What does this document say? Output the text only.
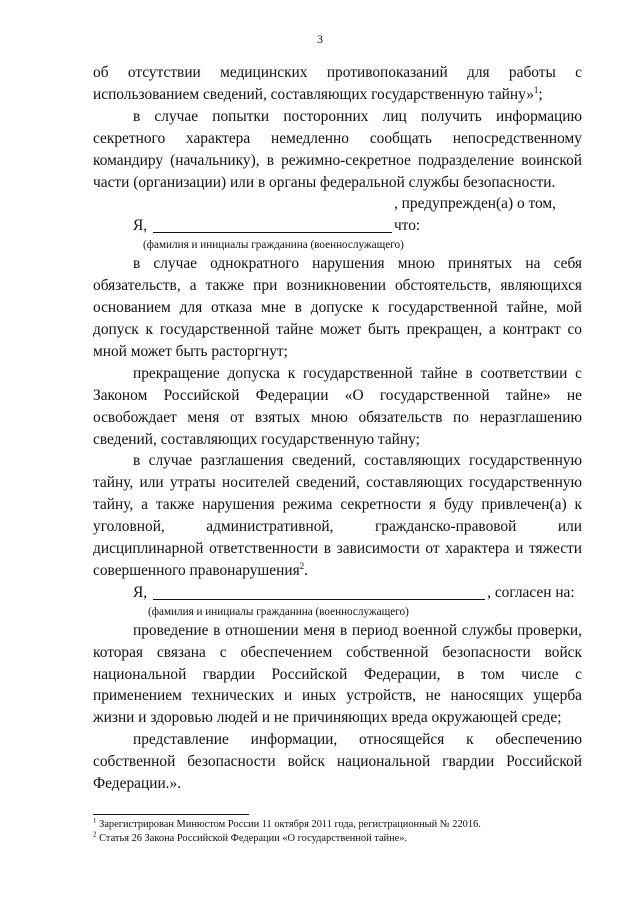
3

об отсутствии медицинских противопоказаний для работы с использованием сведений, составляющих государственную тайну»$^1$;

в случае попытки посторонних лиц получить информацию секретного характера немедленно сообщать непосредственному командиру (начальнику), в режимно-секретное подразделение воинской части (организации) или в органы федеральной службы безопасности.

Я,
, предупрежден(а) о том, что:

(фамилия и инициалы гражданина (военнослужащего)

в случае однократного нарушения мною принятых на себя обязательств, а также при возникновении обстоятельств, являющихся основанием для отказа мне в допуске к государственной тайне, мой допуск к государственной тайне может быть прекращен, а контракт со мной может быть расторгнут;

прекращение допуска к государственной тайне в соответствии с Законом Российской Федерации «О государственной тайне» не освобождает меня от взятых мною обязательств по неразглашению сведений, составляющих государственную тайну;

в случае разглашения сведений, составляющих государственную тайну, или утраты носителей сведений, составляющих государственную тайну, а также нарушения режима секретности я буду привлечен(а) к уголовной, административной, гражданско-правовой или дисциплинарной ответственности в зависимости от характера и тяжести совершенного правонарушения$^2$.

Я,	, согласен на:

(фамилия и инициалы гражданина (военнослужащего)

проведение в отношении меня в период военной службы проверки, которая связана с обеспечением собственной безопасности войск национальной гвардии Российской Федерации, в том числе с применением технических и иных устройств, не наносящих ущерба жизни и здоровью людей и не причиняющих вреда окружающей среде;

представление информации, относящейся к обеспечению собственной безопасности войск национальной гвардии Российской Федерации.».

$^1$ Зарегистрирован Минюстом России 11 октября 2011 года, регистрационный № 22016.

$^2$ Статья 26 Закона Российской Федерации «О государственной тайне».
